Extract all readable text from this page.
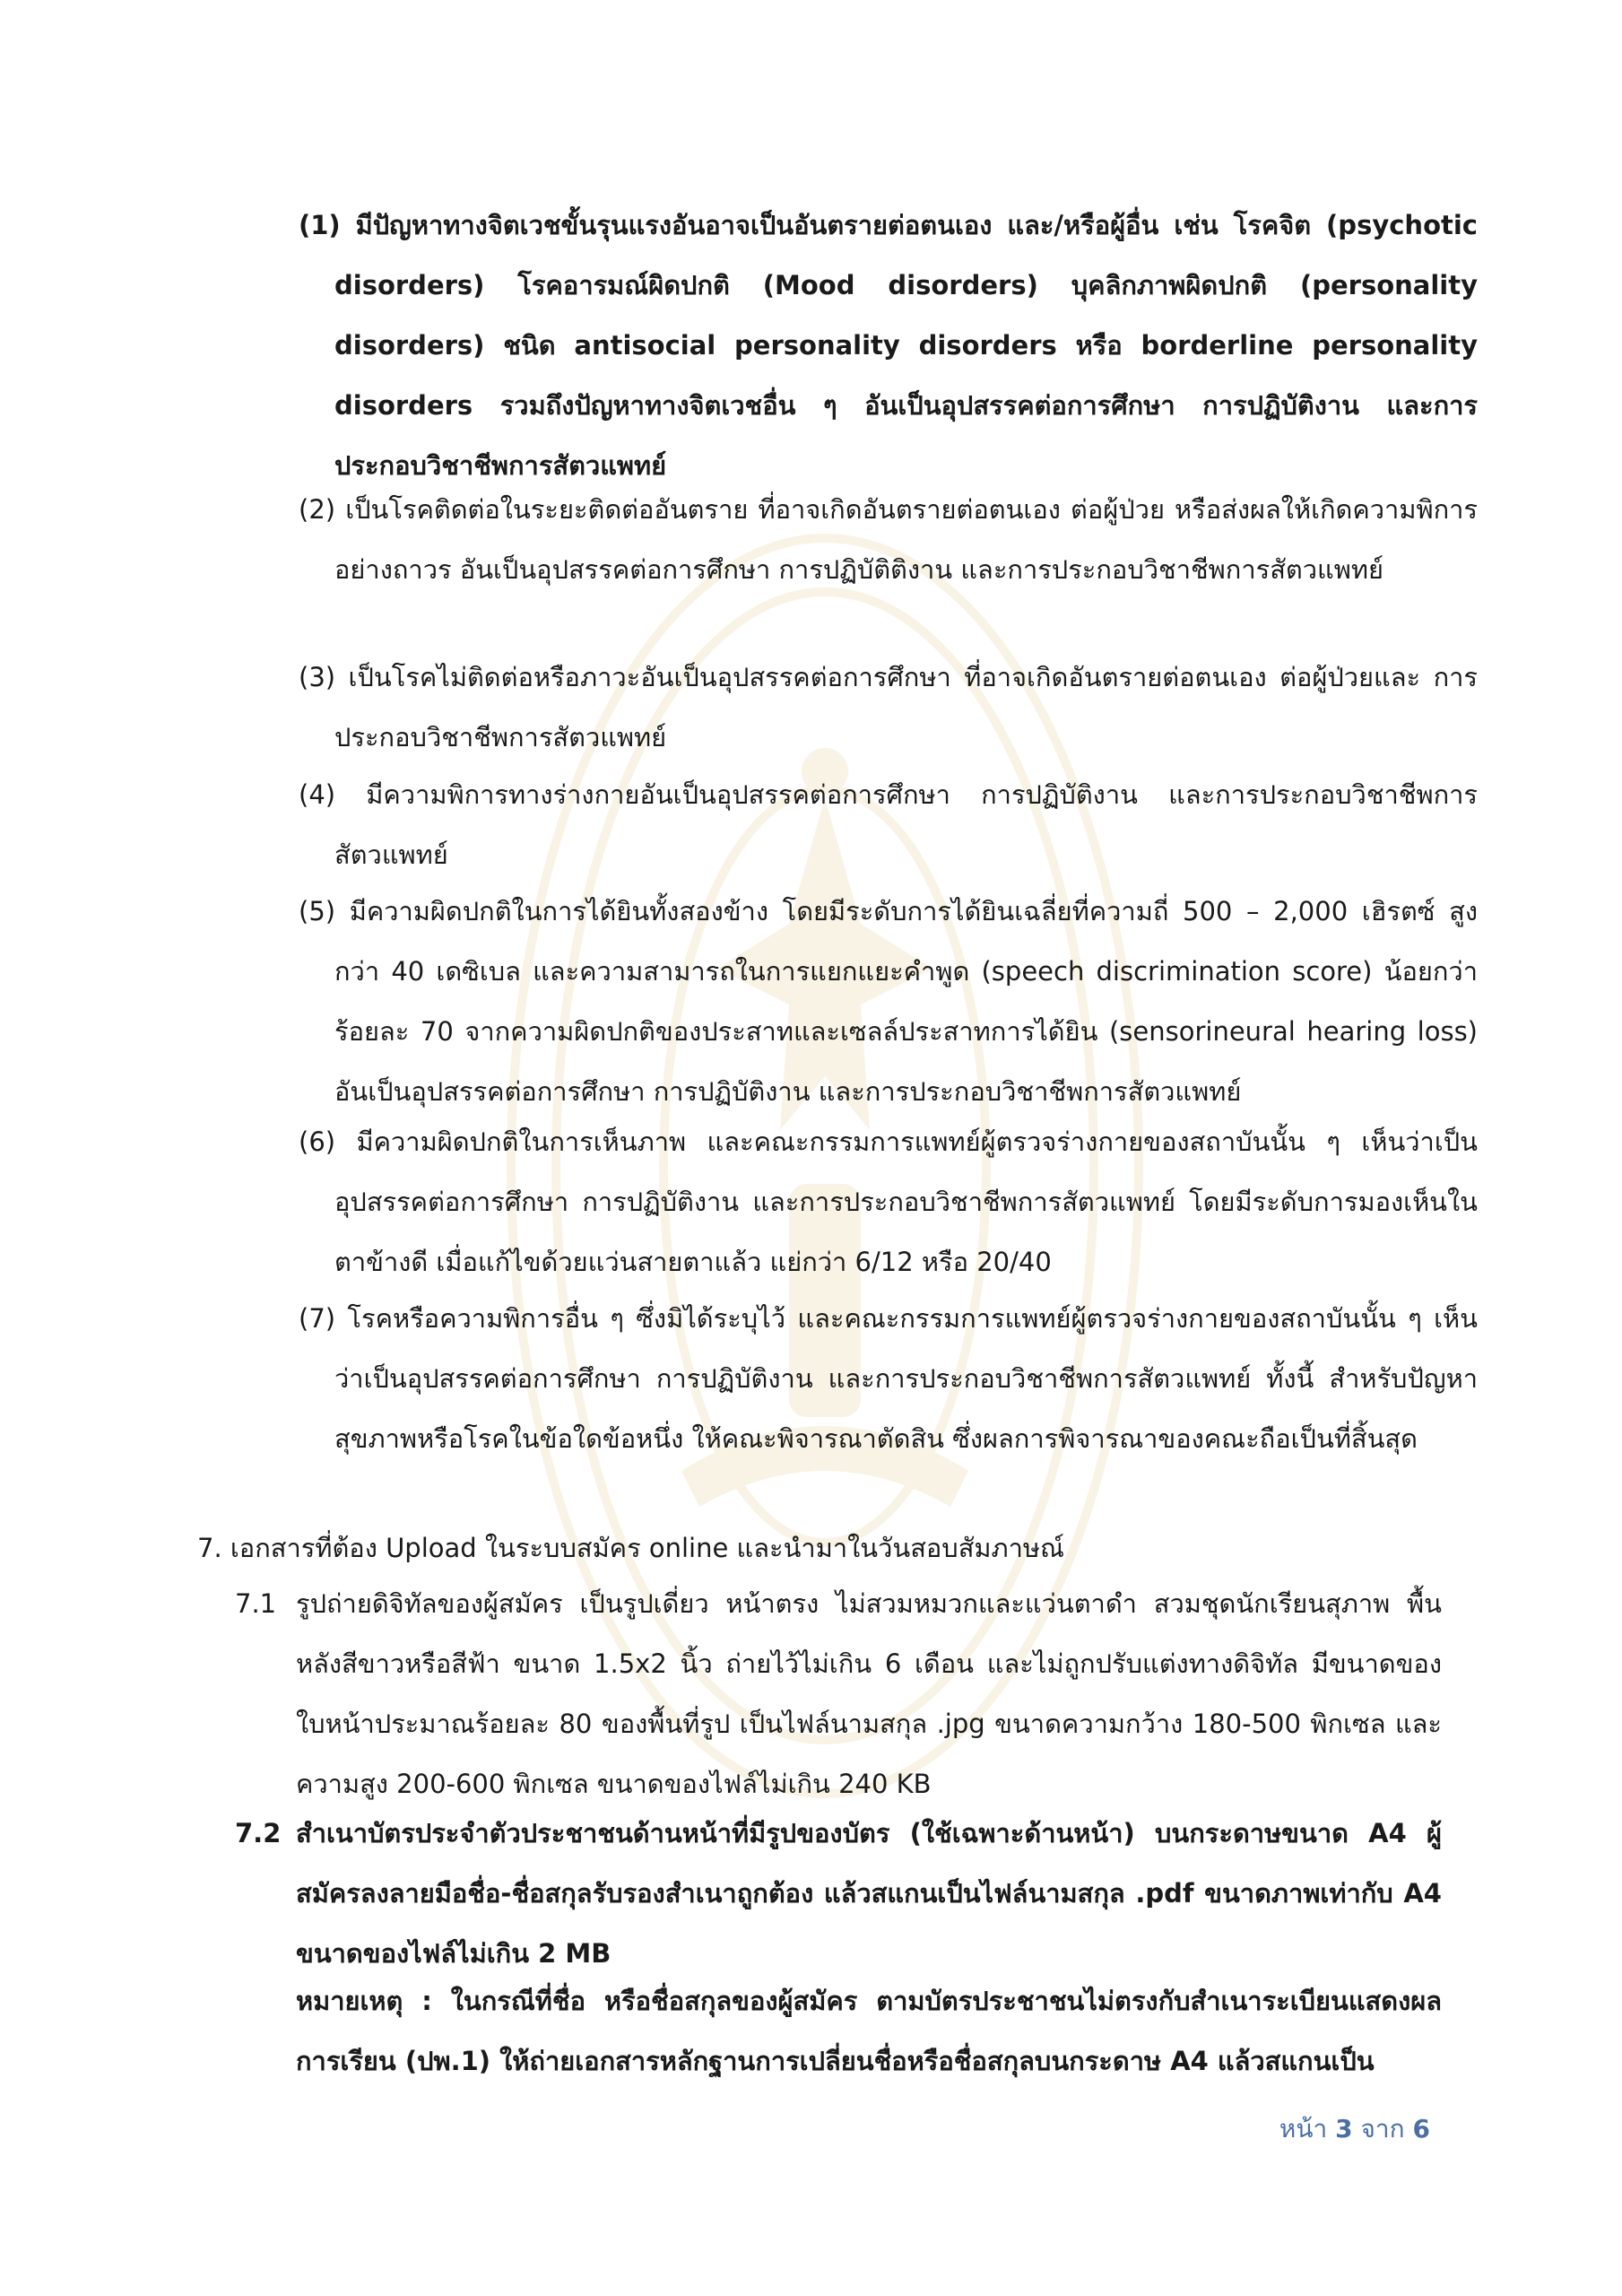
(1) มีปัญหาทางจิตเวชขั้นรุนแรงอันอาจเป็นอันตรายต่อตนเอง และ/หรือผู้อื่น เช่น โรคจิต (psychotic disorders) โรคอารมณ์ผิดปกติ (Mood disorders) บุคลิกภาพผิดปกติ (personality disorders) ชนิด antisocial personality disorders หรือ borderline personality disorders รวมถึงปัญหาทางจิตเวชอื่น ๆ อันเป็นอุปสรรคต่อการศึกษา การปฏิบัติงาน และการประกอบวิชาชีพการสัตวแพทย์

(2) เป็นโรคติดต่อในระยะติดต่ออันตราย ที่อาจเกิดอันตรายต่อตนเอง ต่อผู้ป่วย หรือส่งผลให้เกิดความพิการอย่างถาวร อันเป็นอุปสรรคต่อการศึกษา การปฏิบัติติงาน และการประกอบวิชาชีพการสัตวแพทย์

(3) เป็นโรคไม่ติดต่อหรือภาวะอันเป็นอุปสรรคต่อการศึกษา ที่อาจเกิดอันตรายต่อตนเอง ต่อผู้ป่วยและ การประกอบวิชาชีพการสัตวแพทย์

(4) มีความพิการทางร่างกายอันเป็นอุปสรรคต่อการศึกษา การปฏิบัติงาน และการประกอบวิชาชีพการสัตวแพทย์

(5) มีความผิดปกติในการได้ยินทั้งสองข้าง โดยมีระดับการได้ยินเฉลี่ยที่ความถี่ 500 – 2,000 เฮิรตซ์ สูงกว่า 40 เดซิเบล และความสามารถในการแยกแยะคำพูด (speech discrimination score) น้อยกว่า ร้อยละ 70 จากความผิดปกติของประสาทและเซลล์ประสาทการได้ยิน (sensorineural hearing loss) อันเป็นอุปสรรคต่อการศึกษา การปฏิบัติงาน และการประกอบวิชาชีพการสัตวแพทย์

(6) มีความผิดปกติในการเห็นภาพ และคณะกรรมการแพทย์ผู้ตรวจร่างกายของสถาบันนั้น ๆ เห็นว่าเป็นอุปสรรคต่อการศึกษา การปฏิบัติงาน และการประกอบวิชาชีพการสัตวแพทย์ โดยมีระดับการมองเห็นในตาข้างดี เมื่อแก้ไขด้วยแว่นสายตาแล้ว แย่กว่า 6/12 หรือ 20/40

(7) โรคหรือความพิการอื่น ๆ ซึ่งมิได้ระบุไว้ และคณะกรรมการแพทย์ผู้ตรวจร่างกายของสถาบันนั้น ๆ เห็นว่าเป็นอุปสรรคต่อการศึกษา การปฏิบัติงาน และการประกอบวิชาชีพการสัตวแพทย์ ทั้งนี้ สำหรับปัญหาสุขภาพหรือโรคในข้อใดข้อหนึ่ง ให้คณะพิจารณาตัดสิน ซึ่งผลการพิจารณาของคณะถือเป็นที่สิ้นสุด

7. เอกสารที่ต้อง Upload ในระบบสมัคร online และนำมาในวันสอบสัมภาษณ์

7.1 รูปถ่ายดิจิทัลของผู้สมัคร เป็นรูปเดี่ยว หน้าตรง ไม่สวมหมวกและแว่นตาดำ สวมชุดนักเรียนสุภาพ พื้นหลังสีขาวหรือสีฟ้า ขนาด 1.5x2 นิ้ว ถ่ายไว้ไม่เกิน 6 เดือน และไม่ถูกปรับแต่งทางดิจิทัล มีขนาดของใบหน้าประมาณร้อยละ 80 ของพื้นที่รูป เป็นไฟล์นามสกุล .jpg ขนาดความกว้าง 180-500 พิกเซล และความสูง 200-600 พิกเซล ขนาดของไฟล์ไม่เกิน 240 KB

7.2 สำเนาบัตรประจำตัวประชาชนด้านหน้าที่มีรูปของบัตร (ใช้เฉพาะด้านหน้า) บนกระดาษขนาด A4 ผู้สมัครลงลายมือชื่อ-ชื่อสกุลรับรองสำเนาถูกต้อง แล้วสแกนเป็นไฟล์นามสกุล .pdf ขนาดภาพเท่ากับ A4 ขนาดของไฟล์ไม่เกิน 2 MB

หมายเหตุ : ในกรณีที่ชื่อ หรือชื่อสกุลของผู้สมัคร ตามบัตรประชาชนไม่ตรงกับสำเนาระเบียนแสดงผลการเรียน (ปพ.1) ให้ถ่ายเอกสารหลักฐานการเปลี่ยนชื่อหรือชื่อสกุลบนกระดาษ A4 แล้วสแกนเป็น

หน้า 3 จาก 6
